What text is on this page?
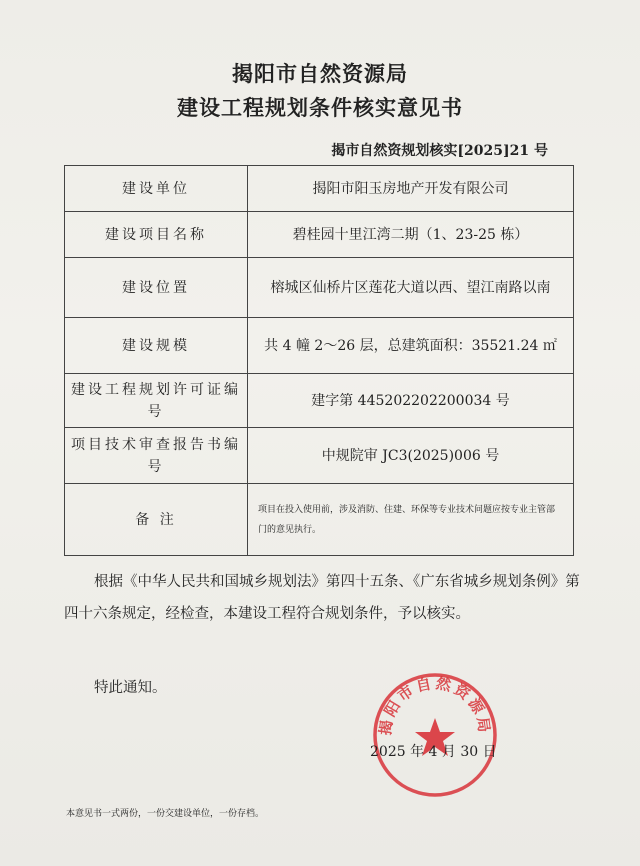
揭阳市自然资源局
建设工程规划条件核实意见书
揭市自然资规划核实[2025]21 号
建设单位	揭阳市阳玉房地产开发有限公司
建设项目名称	碧桂园十里江湾二期（1、23-25 栋）
建设位置	榕城区仙桥片区莲花大道以西、望江南路以南
建设规模	共 4 幢 2～26 层，总建筑面积：35521.24 ㎡
建设工程规划许可证编号	建字第 445202202200034 号
项目技术审查报告书编号	中规院审 JC3(2025)006 号
备 注	项目在投入使用前，涉及消防、住建、环保等专业技术问题应按专业主管部门的意见执行。
根据《中华人民共和国城乡规划法》第四十五条、《广东省城乡规划条例》第四十六条规定，经检查，本建设工程符合规划条件，予以核实。
特此通知。
揭阳市自然资源局
2025 年 4 月 30 日
本意见书一式两份，一份交建设单位，一份存档。
